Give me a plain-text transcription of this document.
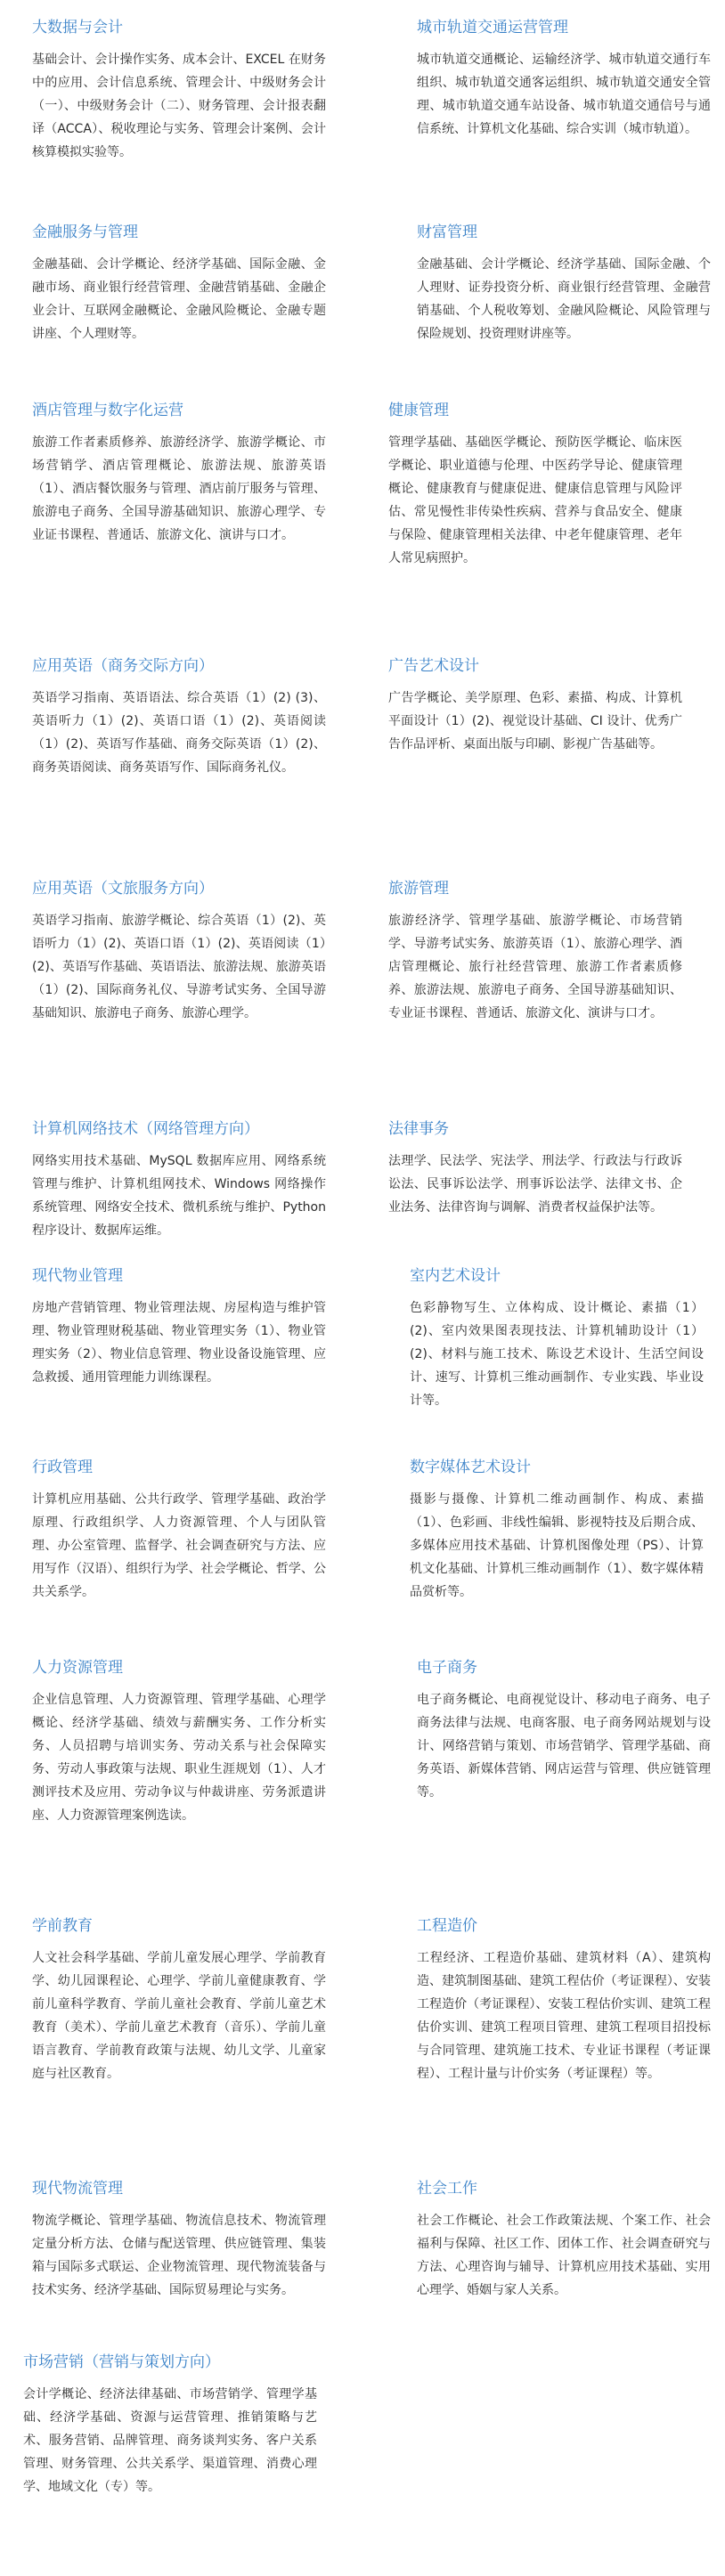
大数据与会计

基础会计、会计操作实务、成本会计、EXCEL 在财务中的应用、会计信息系统、管理会计、中级财务会计（一）、中级财务会计（二）、财务管理、会计报表翻译（ACCA）、税收理论与实务、管理会计案例、会计核算模拟实验等。

城市轨道交通运营管理

城市轨道交通概论、运输经济学、城市轨道交通行车组织、城市轨道交通客运组织、城市轨道交通安全管理、城市轨道交通车站设备、城市轨道交通信号与通信系统、计算机文化基础、综合实训（城市轨道）。

金融服务与管理

金融基础、会计学概论、经济学基础、国际金融、金融市场、商业银行经营管理、金融营销基础、金融企业会计、互联网金融概论、金融风险概论、金融专题讲座、个人理财等。

财富管理

金融基础、会计学概论、经济学基础、国际金融、个人理财、证券投资分析、商业银行经营管理、金融营销基础、个人税收筹划、金融风险概论、风险管理与保险规划、投资理财讲座等。

酒店管理与数字化运营

旅游工作者素质修养、旅游经济学、旅游学概论、市场营销学、酒店管理概论、旅游法规、旅游英语（1）、酒店餐饮服务与管理、酒店前厅服务与管理、旅游电子商务、全国导游基础知识、旅游心理学、专业证书课程、普通话、旅游文化、演讲与口才。

健康管理

管理学基础、基础医学概论、预防医学概论、临床医学概论、职业道德与伦理、中医药学导论、健康管理概论、健康教育与健康促进、健康信息管理与风险评估、常见慢性非传染性疾病、营养与食品安全、健康与保险、健康管理相关法律、中老年健康管理、老年人常见病照护。

应用英语（商务交际方向）

英语学习指南、英语语法、综合英语（1）(2) (3)、英语听力（1）(2)、英语口语（1）(2)、英语阅读（1）(2)、英语写作基础、商务交际英语（1）(2)、商务英语阅读、商务英语写作、国际商务礼仪。

广告艺术设计

广告学概论、美学原理、色彩、素描、构成、计算机平面设计（1）(2)、视觉设计基础、CI 设计、优秀广告作品评析、桌面出版与印刷、影视广告基础等。

应用英语（文旅服务方向）

英语学习指南、旅游学概论、综合英语（1）(2)、英语听力（1）(2)、英语口语（1）(2)、英语阅读（1）(2)、英语写作基础、英语语法、旅游法规、旅游英语（1）(2)、国际商务礼仪、导游考试实务、全国导游基础知识、旅游电子商务、旅游心理学。

旅游管理

旅游经济学、管理学基础、旅游学概论、市场营销学、导游考试实务、旅游英语（1）、旅游心理学、酒店管理概论、旅行社经营管理、旅游工作者素质修养、旅游法规、旅游电子商务、全国导游基础知识、专业证书课程、普通话、旅游文化、演讲与口才。

计算机网络技术（网络管理方向）

网络实用技术基础、MySQL 数据库应用、网络系统管理与维护、计算机组网技术、Windows 网络操作系统管理、网络安全技术、微机系统与维护、Python 程序设计、数据库运维。

法律事务

法理学、民法学、宪法学、刑法学、行政法与行政诉讼法、民事诉讼法学、刑事诉讼法学、法律文书、企业法务、法律咨询与调解、消费者权益保护法等。

现代物业管理

房地产营销管理、物业管理法规、房屋构造与维护管理、物业管理财税基础、物业管理实务（1）、物业管理实务（2）、物业信息管理、物业设备设施管理、应急救援、通用管理能力训练课程。

室内艺术设计

色彩静物写生、立体构成、设计概论、素描（1）(2)、室内效果图表现技法、计算机辅助设计（1）(2)、材料与施工技术、陈设艺术设计、生活空间设计、速写、计算机三维动画制作、专业实践、毕业设计等。

行政管理

计算机应用基础、公共行政学、管理学基础、政治学原理、行政组织学、人力资源管理、个人与团队管理、办公室管理、监督学、社会调查研究与方法、应用写作（汉语）、组织行为学、社会学概论、哲学、公共关系学。

数字媒体艺术设计

摄影与摄像、计算机二维动画制作、构成、素描（1）、色彩画、非线性编辑、影视特技及后期合成、多媒体应用技术基础、计算机图像处理（PS）、计算机文化基础、计算机三维动画制作（1）、数字媒体精品赏析等。

人力资源管理

企业信息管理、人力资源管理、管理学基础、心理学概论、经济学基础、绩效与薪酬实务、工作分析实务、人员招聘与培训实务、劳动关系与社会保障实务、劳动人事政策与法规、职业生涯规划（1）、人才测评技术及应用、劳动争议与仲裁讲座、劳务派遣讲座、人力资源管理案例选读。

电子商务

电子商务概论、电商视觉设计、移动电子商务、电子商务法律与法规、电商客服、电子商务网站规划与设计、网络营销与策划、市场营销学、管理学基础、商务英语、新媒体营销、网店运营与管理、供应链管理等。

学前教育

人文社会科学基础、学前儿童发展心理学、学前教育学、幼儿园课程论、心理学、学前儿童健康教育、学前儿童科学教育、学前儿童社会教育、学前儿童艺术教育（美术）、学前儿童艺术教育（音乐）、学前儿童语言教育、学前教育政策与法规、幼儿文学、儿童家庭与社区教育。

工程造价

工程经济、工程造价基础、建筑材料（A）、建筑构造、建筑制图基础、建筑工程估价（考证课程）、安装工程造价（考证课程）、安装工程估价实训、建筑工程估价实训、建筑工程项目管理、建筑工程项目招投标与合同管理、建筑施工技术、专业证书课程（考证课程）、工程计量与计价实务（考证课程）等。

现代物流管理

物流学概论、管理学基础、物流信息技术、物流管理定量分析方法、仓储与配送管理、供应链管理、集装箱与国际多式联运、企业物流管理、现代物流装备与技术实务、经济学基础、国际贸易理论与实务。

社会工作

社会工作概论、社会工作政策法规、个案工作、社会福利与保障、社区工作、团体工作、社会调查研究与方法、心理咨询与辅导、计算机应用技术基础、实用心理学、婚姻与家人关系。

市场营销（营销与策划方向）

会计学概论、经济法律基础、市场营销学、管理学基础、经济学基础、资源与运营管理、推销策略与艺术、服务营销、品牌管理、商务谈判实务、客户关系管理、财务管理、公共关系学、渠道管理、消费心理学、地域文化（专）等。
